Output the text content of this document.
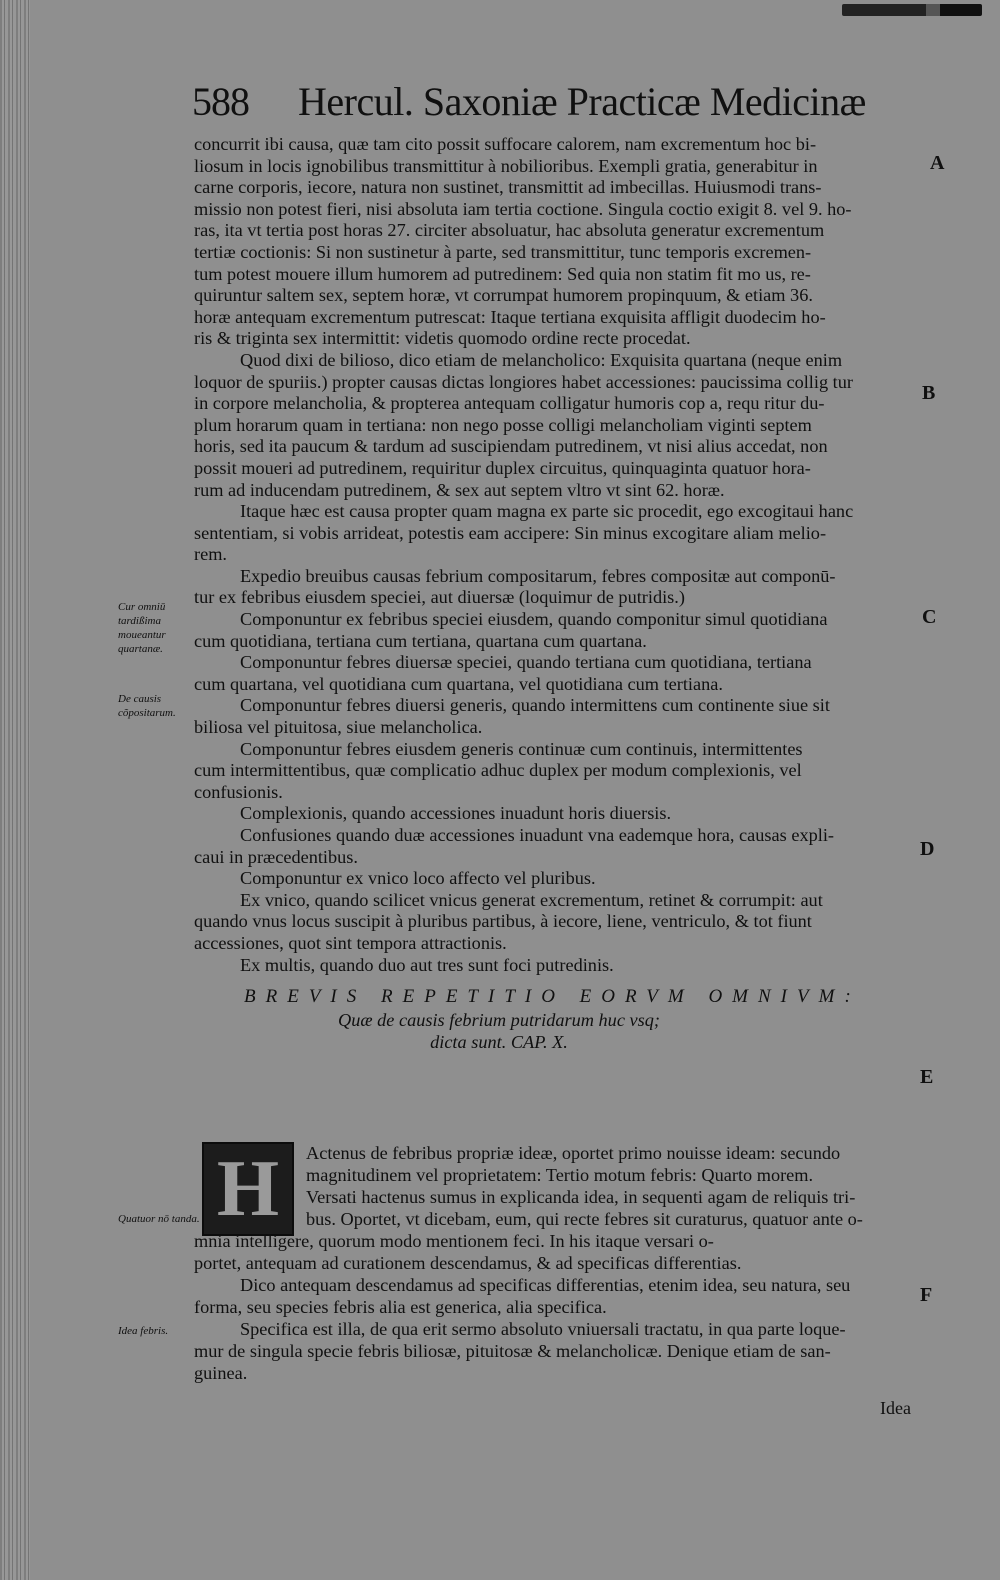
588 Hercul. Saxoniæ Practicæ Medicinæ
A
B
C
D
E
F
Cur omniū tardißima moueantur quartanæ.
De causis cõpositarum.
Quatuor nō tanda.
Idea febris.
concurrit ibi causa, quæ tam cito possit suffocare calorem, nam excrementum hoc bi-
liosum in locis ignobilibus transmittitur à nobilioribus. Exempli gratia, generabitur in
carne corporis, iecore, natura non sustinet, transmittit ad imbecillas. Huiusmodi trans-
missio non potest fieri, nisi absoluta iam tertia coctione. Singula coctio exigit 8. vel 9. ho-
ras, ita vt tertia post horas 27. circiter absoluatur, hac absoluta generatur excrementum
tertiæ coctionis: Si non sustinetur à parte, sed transmittitur, tunc temporis excremen-
tum potest mouere illum humorem ad putredinem: Sed quia non statim fit mo us, re-
quiruntur saltem sex, septem horæ, vt corrumpat humorem propinquum, & etiam 36.
horæ antequam excrementum putrescat: Itaque tertiana exquisita affligit duodecim ho-
ris & triginta sex intermittit: videtis quomodo ordine recte procedat.
Quod dixi de bilioso, dico etiam de melancholico: Exquisita quartana (neque enim
loquor de spuriis.) propter causas dictas longiores habet accessiones: paucissima collig tur
in corpore melancholia, & propterea antequam colligatur humoris cop a, requ ritur du-
plum horarum quam in tertiana: non nego posse colligi melancholiam viginti septem
horis, sed ita paucum & tardum ad suscipiendam putredinem, vt nisi alius accedat, non
possit moueri ad putredinem, requiritur duplex circuitus, quinquaginta quatuor hora-
rum ad inducendam putredinem, & sex aut septem vltro vt sint 62. horæ.
Itaque hæc est causa propter quam magna ex parte sic procedit, ego excogitaui hanc
sententiam, si vobis arrideat, potestis eam accipere: Sin minus excogitare aliam melio-
rem.
Expedio breuibus causas febrium compositarum, febres compositæ aut componū-
tur ex febribus eiusdem speciei, aut diuersæ (loquimur de putridis.)
Componuntur ex febribus speciei eiusdem, quando componitur simul quotidiana
cum quotidiana, tertiana cum tertiana, quartana cum quartana.
Componuntur febres diuersæ speciei, quando tertiana cum quotidiana, tertiana
cum quartana, vel quotidiana cum quartana, vel quotidiana cum tertiana.
Componuntur febres diuersi generis, quando intermittens cum continente siue sit
biliosa vel pituitosa, siue melancholica.
Componuntur febres eiusdem generis continuæ cum continuis, intermittentes
cum intermittentibus, quæ complicatio adhuc duplex per modum complexionis, vel
confusionis.
Complexionis, quando accessiones inuadunt horis diuersis.
Confusiones quando duæ accessiones inuadunt vna eademque hora, causas expli-
caui in præcedentibus.
Componuntur ex vnico loco affecto vel pluribus.
Ex vnico, quando scilicet vnicus generat excrementum, retinet & corrumpit: aut
quando vnus locus suscipit à pluribus partibus, à iecore, liene, ventriculo, & tot fiunt
accessiones, quot sint tempora attractionis.
Ex multis, quando duo aut tres sunt foci putredinis.
BREVIS REPETITIO EORVM OMNIVM:
Quæ de causis febrium putridarum huc vsq;
dicta sunt. CAP. X.
H	Actenus de febribus propriæ ideæ, oportet primo nouisse ideam: secundo
magnitudinem vel proprietatem: Tertio motum febris: Quarto morem.
Versati hactenus sumus in explicanda idea, in sequenti agam de reliquis tri-
bus. Oportet, vt dicebam, eum, qui recte febres sit curaturus, quatuor ante o-
mnia intelligere, quorum modo mentionem feci. In his itaque versari o-
portet, antequam ad curationem descendamus, & ad specificas differentias.
Dico antequam descendamus ad specificas differentias, etenim idea, seu natura, seu
forma, seu species febris alia est generica, alia specifica.
Specifica est illa, de qua erit sermo absoluto vniuersali tractatu, in qua parte loque-
mur de singula specie febris biliosæ, pituitosæ & melancholicæ. Denique etiam de san-
guinea.
Idea
